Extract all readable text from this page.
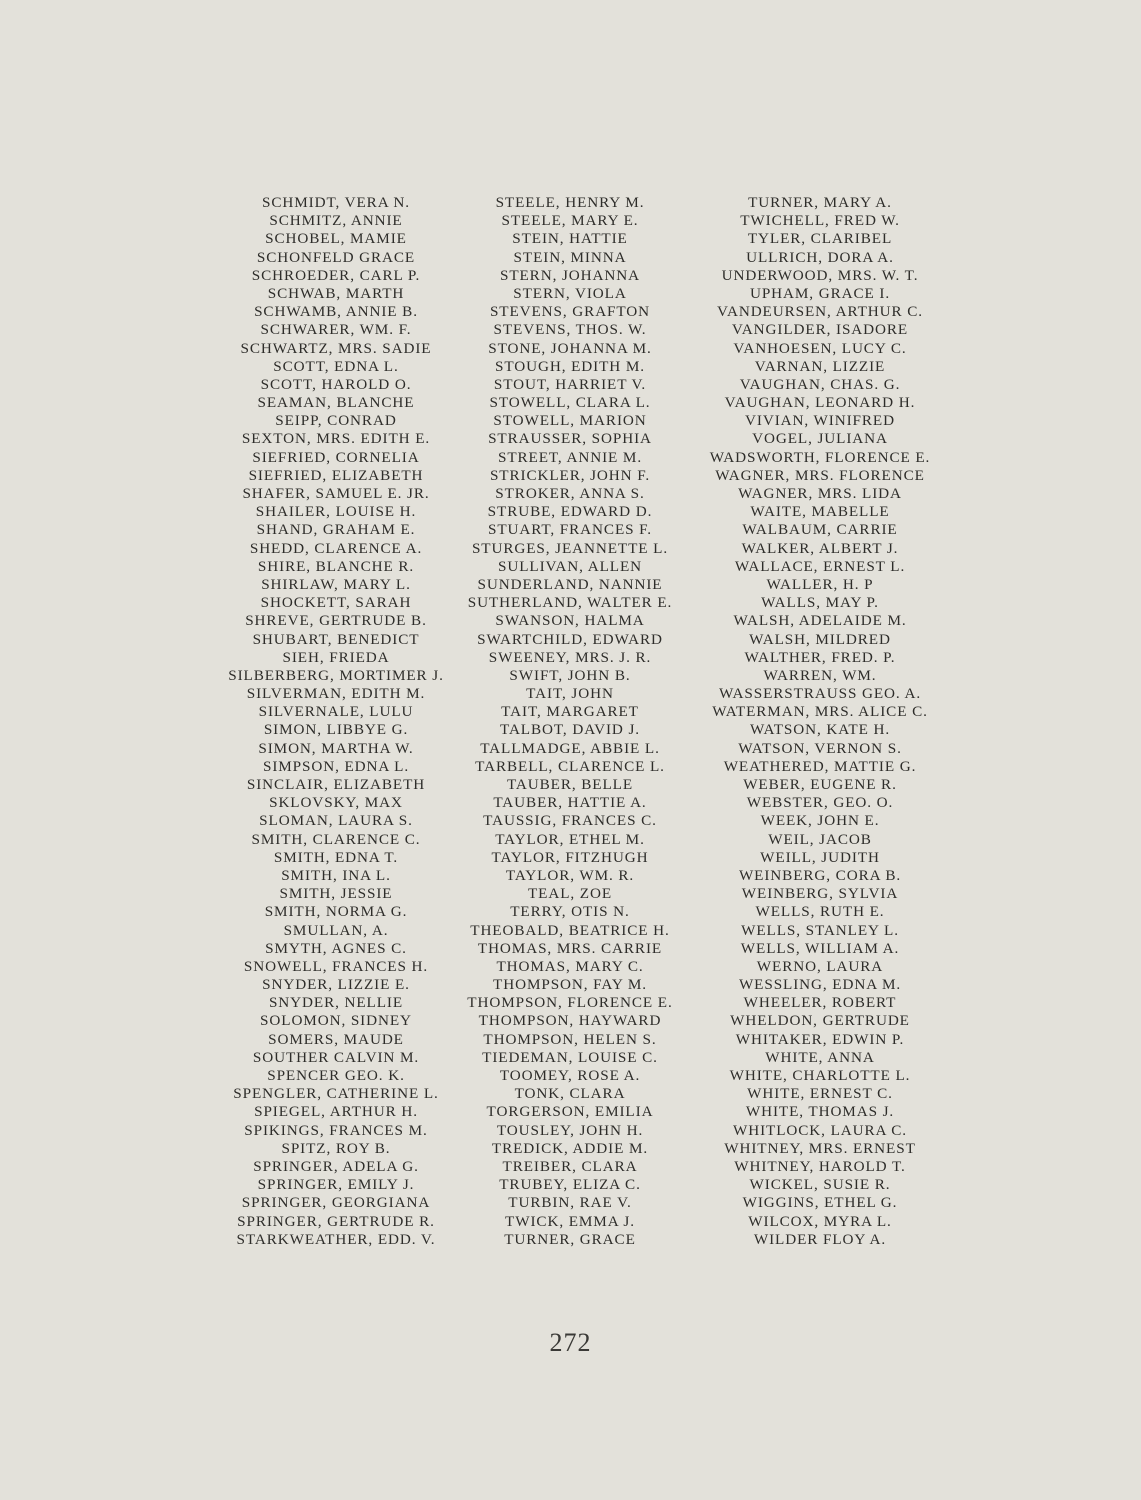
SCHMIDT, VERA N.
SCHMITZ, ANNIE
SCHOBEL, MAMIE
SCHONFELD GRACE
SCHROEDER, CARL P.
SCHWAB, MARTH
SCHWAMB, ANNIE B.
SCHWARER, WM. F.
SCHWARTZ, MRS. SADIE
SCOTT, EDNA L.
SCOTT, HAROLD O.
SEAMAN, BLANCHE
SEIPP, CONRAD
SEXTON, MRS. EDITH E.
SIEFRIED, CORNELIA
SIEFRIED, ELIZABETH
SHAFER, SAMUEL E. JR.
SHAILER, LOUISE H.
SHAND, GRAHAM E.
SHEDD, CLARENCE A.
SHIRE, BLANCHE R.
SHIRLAW, MARY L.
SHOCKETT, SARAH
SHREVE, GERTRUDE B.
SHUBART, BENEDICT
SIEH, FRIEDA
SILBERBERG, MORTIMER J.
SILVERMAN, EDITH M.
SILVERNALE, LULU
SIMON, LIBBYE G.
SIMON, MARTHA W.
SIMPSON, EDNA L.
SINCLAIR, ELIZABETH
SKLOVSKY, MAX
SLOMAN, LAURA S.
SMITH, CLARENCE C.
SMITH, EDNA T.
SMITH, INA L.
SMITH, JESSIE
SMITH, NORMA G.
SMULLAN, A.
SMYTH, AGNES C.
SNOWELL, FRANCES H.
SNYDER, LIZZIE E.
SNYDER, NELLIE
SOLOMON, SIDNEY
SOMERS, MAUDE
SOUTHER CALVIN M.
SPENCER GEO. K.
SPENGLER, CATHERINE L.
SPIEGEL, ARTHUR H.
SPIKINGS, FRANCES M.
SPITZ, ROY B.
SPRINGER, ADELA G.
SPRINGER, EMILY J.
SPRINGER, GEORGIANA
SPRINGER, GERTRUDE R.
STARKWEATHER, EDD. V.
STEELE, HENRY M.
STEELE, MARY E.
STEIN, HATTIE
STEIN, MINNA
STERN, JOHANNA
STERN, VIOLA
STEVENS, GRAFTON
STEVENS, THOS. W.
STONE, JOHANNA M.
STOUGH, EDITH M.
STOUT, HARRIET V.
STOWELL, CLARA L.
STOWELL, MARION
STRAUSSER, SOPHIA
STREET, ANNIE M.
STRICKLER, JOHN F.
STROKER, ANNA S.
STRUBE, EDWARD D.
STUART, FRANCES F.
STURGES, JEANNETTE L.
SULLIVAN, ALLEN
SUNDERLAND, NANNIE
SUTHERLAND, WALTER E.
SWANSON, HALMA
SWARTCHILD, EDWARD
SWEENEY, MRS. J. R.
SWIFT, JOHN B.
TAIT, JOHN
TAIT, MARGARET
TALBOT, DAVID J.
TALLMADGE, ABBIE L.
TARBELL, CLARENCE L.
TAUBER, BELLE
TAUBER, HATTIE A.
TAUSSIG, FRANCES C.
TAYLOR, ETHEL M.
TAYLOR, FITZHUGH
TAYLOR, WM. R.
TEAL, ZOE
TERRY, OTIS N.
THEOBALD, BEATRICE H.
THOMAS, MRS. CARRIE
THOMAS, MARY C.
THOMPSON, FAY M.
THOMPSON, FLORENCE E.
THOMPSON, HAYWARD
THOMPSON, HELEN S.
TIEDEMAN, LOUISE C.
TOOMEY, ROSE A.
TONK, CLARA
TORGERSON, EMILIA
TOUSLEY, JOHN H.
TREDICK, ADDIE M.
TREIBER, CLARA
TRUBEY, ELIZA C.
TURBIN, RAE V.
TWICK, EMMA J.
TURNER, GRACE
TURNER, MARY A.
TWICHELL, FRED W.
TYLER, CLARIBEL
ULLRICH, DORA A.
UNDERWOOD, MRS. W. T.
UPHAM, GRACE I.
VANDEURSEN, ARTHUR C.
VANGILDER, ISADORE
VANHOESEN, LUCY C.
VARNAN, LIZZIE
VAUGHAN, CHAS. G.
VAUGHAN, LEONARD H.
VIVIAN, WINIFRED
VOGEL, JULIANA
WADSWORTH, FLORENCE E.
WAGNER, MRS. FLORENCE
WAGNER, MRS. LIDA
WAITE, MABELLE
WALBAUM, CARRIE
WALKER, ALBERT J.
WALLACE, ERNEST L.
WALLER, H. P
WALLS, MAY P.
WALSH, ADELAIDE M.
WALSH, MILDRED
WALTHER, FRED. P.
WARREN, WM.
WASSERSTRAUSS GEO. A.
WATERMAN, MRS. ALICE C.
WATSON, KATE H.
WATSON, VERNON S.
WEATHERED, MATTIE G.
WEBER, EUGENE R.
WEBSTER, GEO. O.
WEEK, JOHN E.
WEIL, JACOB
WEILL, JUDITH
WEINBERG, CORA B.
WEINBERG, SYLVIA
WELLS, RUTH E.
WELLS, STANLEY L.
WELLS, WILLIAM A.
WERNO, LAURA
WESSLING, EDNA M.
WHEELER, ROBERT
WHELDON, GERTRUDE
WHITAKER, EDWIN P.
WHITE, ANNA
WHITE, CHARLOTTE L.
WHITE, ERNEST C.
WHITE, THOMAS J.
WHITLOCK, LAURA C.
WHITNEY, MRS. ERNEST
WHITNEY, HAROLD T.
WICKEL, SUSIE R.
WIGGINS, ETHEL G.
WILCOX, MYRA L.
WILDER FLOY A.
272
